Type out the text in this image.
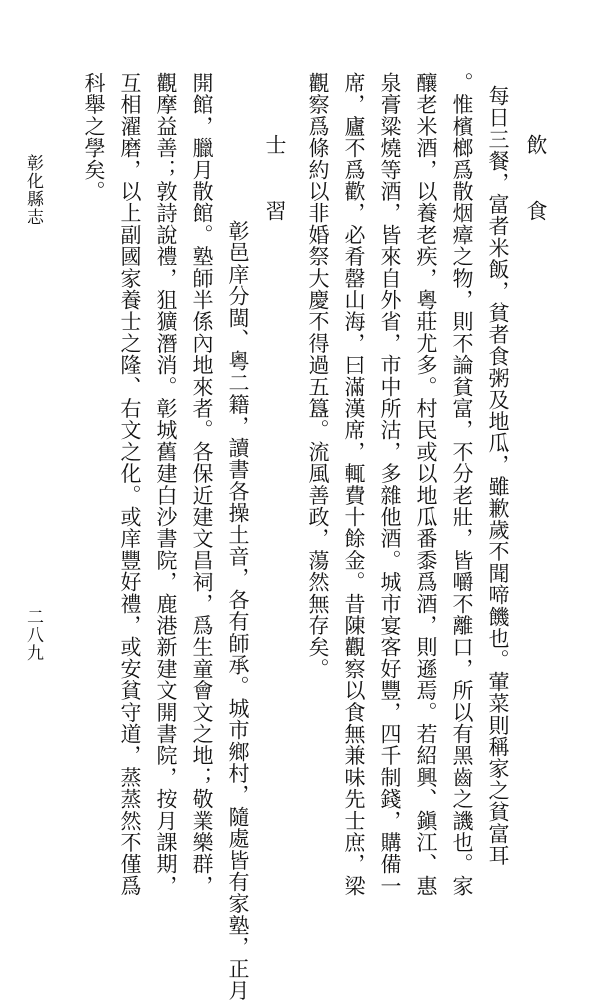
彰化縣志
二八九
飲　食
每日三餐，富者米飯，貧者食粥及地瓜，雖歉歲不聞啼饑也。葷菜則稱家之貧富耳
。惟檳榔爲散烟瘴之物，則不論貧富，不分老壯，皆嚼不離口，所以有黑齒之譏也。家
釀老米酒，以養老疾，粵莊尤多。村民或以地瓜番黍爲酒，則遜焉。若紹興、鎭江、惠
泉膏粱燒等酒，皆來自外省，市中所沽，多雜他酒。城市宴客好豐，四千制錢，購備一
席，廬不爲歡，必肴罄山海，曰滿漢席，輒費十餘金。昔陳觀察以食無兼味先士庶，梁
觀察爲條約以非婚祭大慶不得過五簋。流風善政，蕩然無存矣。
士　習
彰邑庠分閩、粵二籍，讀書各操土音，各有師承。城市鄉村，隨處皆有家塾，正月
開館，臘月散館。塾師半係內地來者。各保近建文昌祠，爲生童會文之地；敬業樂群，
觀摩益善；敦詩說禮，狙獷潛消。彰城舊建白沙書院，鹿港新建文開書院，按月課期，
互相濯磨，以上副國家養士之隆、右文之化。或庠豐好禮，或安貧守道，蒸蒸然不僅爲
科舉之學矣。
